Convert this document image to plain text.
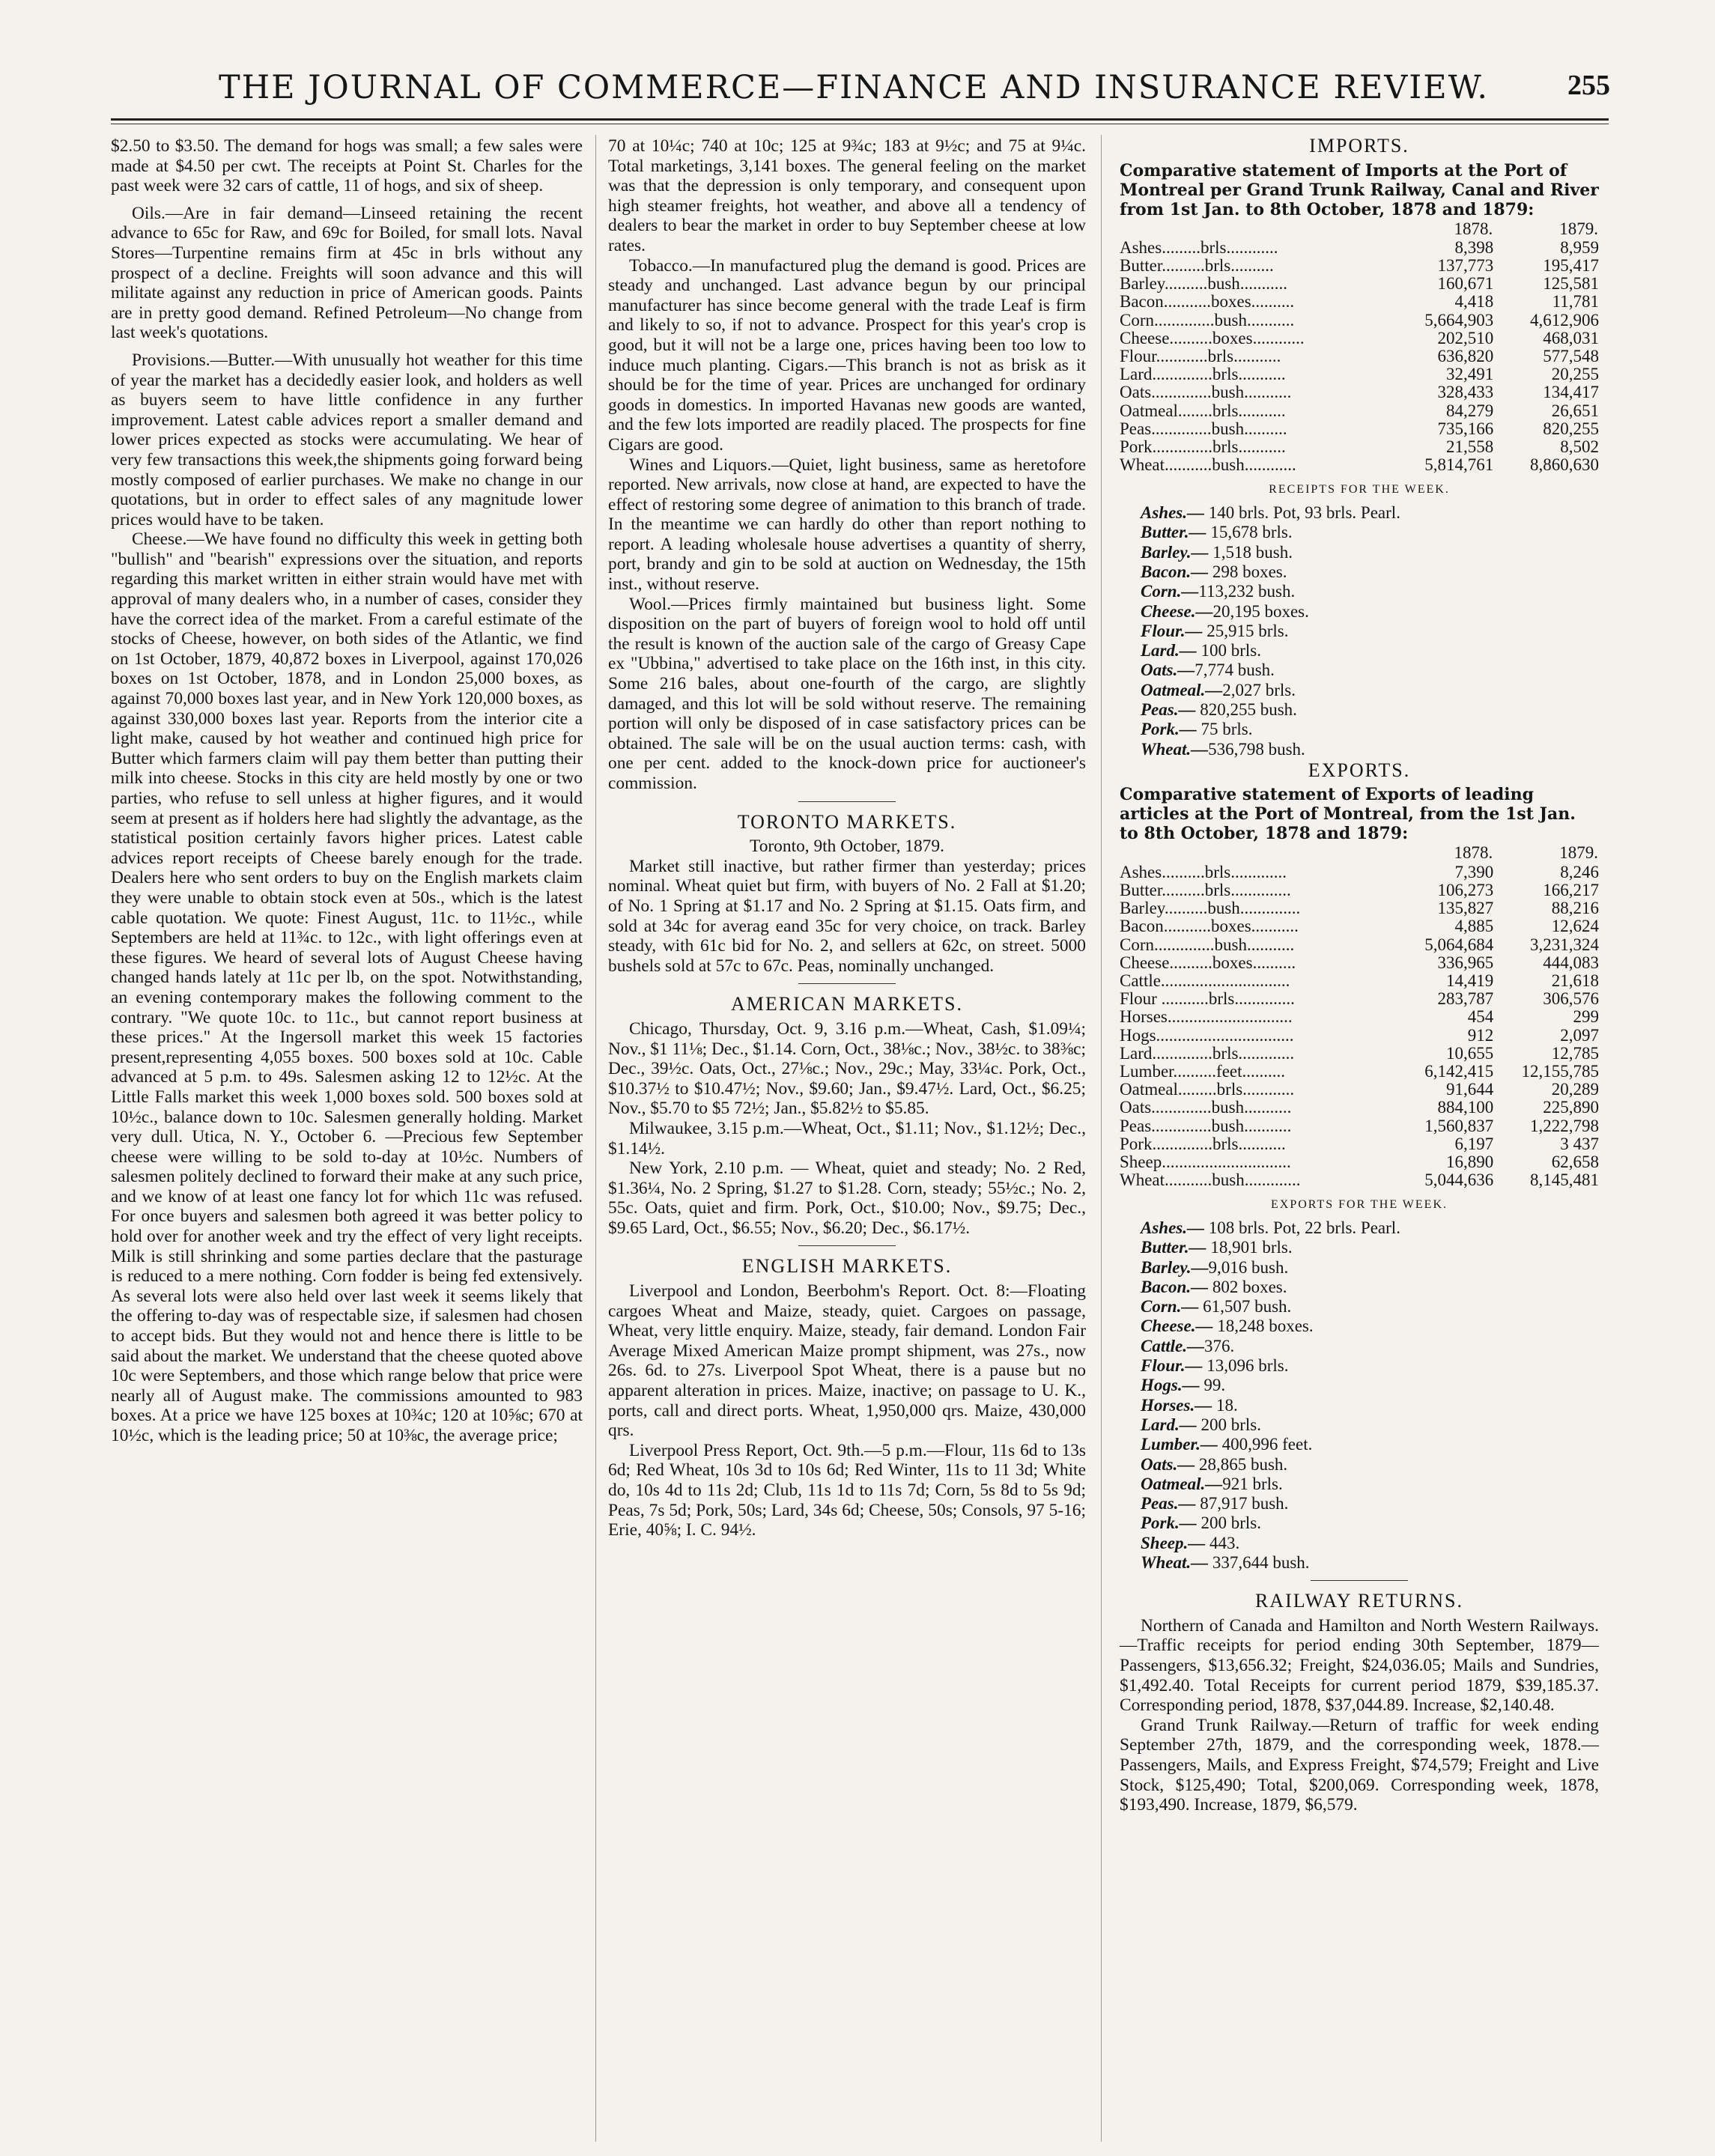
THE JOURNAL OF COMMERCE—FINANCE AND INSURANCE REVIEW.	255

$2.50 to $3.50. The demand for hogs was small; a few sales were made at $4.50 per cwt. The receipts at Point St. Charles for the past week were 32 cars of cattle, 11 of hogs, and six of sheep.

Oils.—Are in fair demand—Linseed retaining the recent advance to 65c for Raw, and 69c for Boiled, for small lots. Naval Stores—Turpentine remains firm at 45c in brls without any prospect of a decline. Freights will soon advance and this will militate against any reduction in price of American goods. Paints are in pretty good demand. Refined Petroleum—No change from last week's quotations.

Provisions.—Butter.—With unusually hot weather for this time of year the market has a decidedly easier look, and holders as well as buyers seem to have little confidence in any further improvement. Latest cable advices report a smaller demand and lower prices expected as stocks were accumulating. We hear of very few transactions this week,the shipments going forward being mostly composed of earlier purchases. We make no change in our quotations, but in order to effect sales of any magnitude lower prices would have to be taken.

Cheese.—We have found no difficulty this week in getting both "bullish" and "bearish" expressions over the situation, and reports regarding this market written in either strain would have met with approval of many dealers who, in a number of cases, consider they have the correct idea of the market. From a careful estimate of the stocks of Cheese, however, on both sides of the Atlantic, we find on 1st October, 1879, 40,872 boxes in Liverpool, against 170,026 boxes on 1st October, 1878, and in London 25,000 boxes, as against 70,000 boxes last year, and in New York 120,000 boxes, as against 330,000 boxes last year. Reports from the interior cite a light make, caused by hot weather and continued high price for Butter which farmers claim will pay them better than putting their milk into cheese. Stocks in this city are held mostly by one or two parties, who refuse to sell unless at higher figures, and it would seem at present as if holders here had slightly the advantage, as the statistical position certainly favors higher prices. Latest cable advices report receipts of Cheese barely enough for the trade. Dealers here who sent orders to buy on the English markets claim they were unable to obtain stock even at 50s., which is the latest cable quotation. We quote: Finest August, 11c. to 11½c., while Septembers are held at 11¾c. to 12c., with light offerings even at these figures. We heard of several lots of August Cheese having changed hands lately at 11c per lb, on the spot. Notwithstanding, an evening contemporary makes the following comment to the contrary. "We quote 10c. to 11c., but cannot report business at these prices." At the Ingersoll market this week 15 factories present,representing 4,055 boxes. 500 boxes sold at 10c. Cable advanced at 5 p.m. to 49s. Salesmen asking 12 to 12½c. At the Little Falls market this week 1,000 boxes sold. 500 boxes sold at 10½c., balance down to 10c. Salesmen generally holding. Market very dull. Utica, N. Y., October 6. —Precious few September cheese were willing to be sold to-day at 10½c. Numbers of salesmen politely declined to forward their make at any such price, and we know of at least one fancy lot for which 11c was refused. For once buyers and salesmen both agreed it was better policy to hold over for another week and try the effect of very light receipts. Milk is still shrinking and some parties declare that the pasturage is reduced to a mere nothing. Corn fodder is being fed extensively. As several lots were also held over last week it seems likely that the offering to-day was of respectable size, if salesmen had chosen to accept bids. But they would not and hence there is little to be said about the market. We understand that the cheese quoted above 10c were Septembers, and those which range below that price were nearly all of August make. The commissions amounted to 983 boxes. At a price we have 125 boxes at 10¾c; 120 at 10⅝c; 670 at 10½c, which is the leading price; 50 at 10⅜c, the average price;

70 at 10¼c; 740 at 10c; 125 at 9¾c; 183 at 9½c; and 75 at 9¼c. Total marketings, 3,141 boxes. The general feeling on the market was that the depression is only temporary, and consequent upon high steamer freights, hot weather, and above all a tendency of dealers to bear the market in order to buy September cheese at low rates.

Tobacco.—In manufactured plug the demand is good. Prices are steady and unchanged. Last advance begun by our principal manufacturer has since become general with the trade Leaf is firm and likely to so, if not to advance. Prospect for this year's crop is good, but it will not be a large one, prices having been too low to induce much planting. Cigars.—This branch is not as brisk as it should be for the time of year. Prices are unchanged for ordinary goods in domestics. In imported Havanas new goods are wanted, and the few lots imported are readily placed. The prospects for fine Cigars are good.

Wines and Liquors.—Quiet, light business, same as heretofore reported. New arrivals, now close at hand, are expected to have the effect of restoring some degree of animation to this branch of trade. In the meantime we can hardly do other than report nothing to report. A leading wholesale house advertises a quantity of sherry, port, brandy and gin to be sold at auction on Wednesday, the 15th inst., without reserve.

Wool.—Prices firmly maintained but business light. Some disposition on the part of buyers of foreign wool to hold off until the result is known of the auction sale of the cargo of Greasy Cape ex "Ubbina," advertised to take place on the 16th inst, in this city. Some 216 bales, about one-fourth of the cargo, are slightly damaged, and this lot will be sold without reserve. The remaining portion will only be disposed of in case satisfactory prices can be obtained. The sale will be on the usual auction terms: cash, with one per cent. added to the knock-down price for auctioneer's commission.

TORONTO MARKETS.
Toronto, 9th October, 1879.

Market still inactive, but rather firmer than yesterday; prices nominal. Wheat quiet but firm, with buyers of No. 2 Fall at $1.20; of No. 1 Spring at $1.17 and No. 2 Spring at $1.15. Oats firm, and sold at 34c for averag eand 35c for very choice, on track. Barley steady, with 61c bid for No. 2, and sellers at 62c, on street. 5000 bushels sold at 57c to 67c. Peas, nominally unchanged.

AMERICAN MARKETS.

Chicago, Thursday, Oct. 9, 3.16 p.m.—Wheat, Cash, $1.09¼; Nov., $1 11⅛; Dec., $1.14. Corn, Oct., 38⅛c.; Nov., 38½c. to 38⅜c; Dec., 39½c. Oats, Oct., 27⅛c.; Nov., 29c.; May, 33¼c. Pork, Oct., $10.37½ to $10.47½; Nov., $9.60; Jan., $9.47½. Lard, Oct., $6.25; Nov., $5.70 to $5 72½; Jan., $5.82½ to $5.85.

Milwaukee, 3.15 p.m.—Wheat, Oct., $1.11; Nov., $1.12½; Dec., $1.14½.

New York, 2.10 p.m. — Wheat, quiet and steady; No. 2 Red, $1.36¼, No. 2 Spring, $1.27 to $1.28. Corn, steady; 55½c.; No. 2, 55c. Oats, quiet and firm. Pork, Oct., $10.00; Nov., $9.75; Dec., $9.65 Lard, Oct., $6.55; Nov., $6.20; Dec., $6.17½.

ENGLISH MARKETS.

Liverpool and London, Beerbohm's Report. Oct. 8:—Floating cargoes Wheat and Maize, steady, quiet. Cargoes on passage, Wheat, very little enquiry. Maize, steady, fair demand. London Fair Average Mixed American Maize prompt shipment, was 27s., now 26s. 6d. to 27s. Liverpool Spot Wheat, there is a pause but no apparent alteration in prices. Maize, inactive; on passage to U. K., ports, call and direct ports. Wheat, 1,950,000 qrs. Maize, 430,000 qrs.

Liverpool Press Report, Oct. 9th.—5 p.m.—Flour, 11s 6d to 13s 6d; Red Wheat, 10s 3d to 10s 6d; Red Winter, 11s to 11 3d; White do, 10s 4d to 11s 2d; Club, 11s 1d to 11s 7d; Corn, 5s 8d to 5s 9d; Peas, 7s 5d; Pork, 50s; Lard, 34s 6d; Cheese, 50s; Consols, 97 5-16; Erie, 40⅝; I. C. 94½.

IMPORTS.

Comparative statement of Imports at the Port of Montreal per Grand Trunk Railway, Canal and River from 1st Jan. to 8th October, 1878 and 1879:

	1878.	1879.
Ashes.........brls............	8,398	8,959
Butter..........brls..........	137,773	195,417
Barley..........bush...........	160,671	125,581
Bacon...........boxes..........	4,418	11,781
Corn..............bush...........	5,664,903	4,612,906
Cheese..........boxes............	202,510	468,031
Flour............brls...........	636,820	577,548
Lard..............brls...........	32,491	20,255
Oats..............bush...........	328,433	134,417
Oatmeal........brls...........	84,279	26,651
Peas..............bush..........	735,166	820,255
Pork..............brls...........	21,558	8,502
Wheat...........bush............	5,814,761	8,860,630
RECEIPTS FOR THE WEEK.
Ashes.— 140 brls. Pot, 93 brls. Pearl.
Butter.— 15,678 brls.
Barley.— 1,518 bush.
Bacon.— 298 boxes.
Corn.—113,232 bush.
Cheese.—20,195 boxes.
Flour.— 25,915 brls.
Lard.— 100 brls.
Oats.—7,774 bush.
Oatmeal.—2,027 brls.
Peas.— 820,255 bush.
Pork.— 75 brls.
Wheat.—536,798 bush.
EXPORTS.

Comparative statement of Exports of leading articles at the Port of Montreal, from the 1st Jan. to 8th October, 1878 and 1879:

	1878.	1879.
Ashes..........brls.............	7,390	8,246
Butter..........brls..............	106,273	166,217
Barley..........bush..............	135,827	88,216
Bacon...........boxes...........	4,885	12,624
Corn..............bush...........	5,064,684	3,231,324
Cheese..........boxes..........	336,965	444,083
Cattle..............................	14,419	21,618
Flour ...........brls..............	283,787	306,576
Horses.............................	454	299
Hogs................................	912	2,097
Lard..............brls.............	10,655	12,785
Lumber..........feet..........	6,142,415	12,155,785
Oatmeal.........brls............	91,644	20,289
Oats..............bush...........	884,100	225,890
Peas..............bush...........	1,560,837	1,222,798
Pork..............brls...........	6,197	3 437
Sheep..............................	16,890	62,658
Wheat...........bush.............	5,044,636	8,145,481
EXPORTS FOR THE WEEK.
Ashes.— 108 brls. Pot, 22 brls. Pearl.
Butter.— 18,901 brls.
Barley.—9,016 bush.
Bacon.— 802 boxes.
Corn.— 61,507 bush.
Cheese.— 18,248 boxes.
Cattle.—376.
Flour.— 13,096 brls.
Hogs.— 99.
Horses.— 18.
Lard.— 200 brls.
Lumber.— 400,996 feet.
Oats.— 28,865 bush.
Oatmeal.—921 brls.
Peas.— 87,917 bush.
Pork.— 200 brls.
Sheep.— 443.
Wheat.— 337,644 bush.
RAILWAY RETURNS.

Northern of Canada and Hamilton and North Western Railways.—Traffic receipts for period ending 30th September, 1879—Passengers, $13,656.32; Freight, $24,036.05; Mails and Sundries, $1,492.40. Total Receipts for current period 1879, $39,185.37. Corresponding period, 1878, $37,044.89. Increase, $2,140.48.

Grand Trunk Railway.—Return of traffic for week ending September 27th, 1879, and the corresponding week, 1878.—Passengers, Mails, and Express Freight, $74,579; Freight and Live Stock, $125,490; Total, $200,069. Corresponding week, 1878, $193,490. Increase, 1879, $6,579.
